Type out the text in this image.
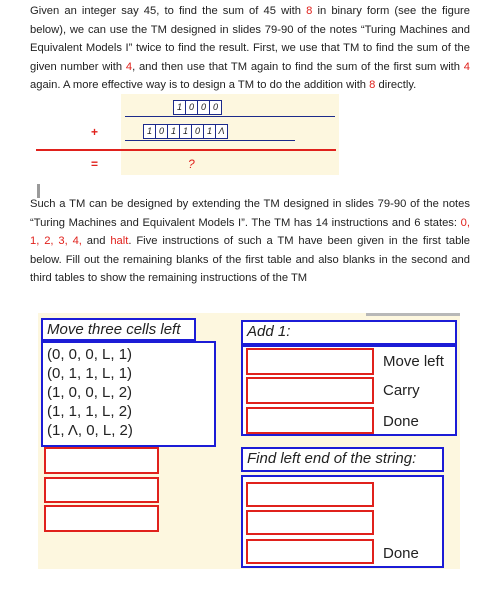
Given an integer say 45, to find the sum of 45 with 8 in binary form (see the figure below), we can use the TM designed in slides 79-90 of the notes “Turing Machines and Equivalent Models I” twice to find the result. First, we use that TM to find the sum of the given number with 4, and then use that TM again to find the sum of the first sum with 4 again. A more effective way is to design a TM to do the addition with 8 directly.
1 0 0 0
+	1 0 1 1 0 1 Λ
=	?
Such a TM can be designed by extending the TM designed in slides 79-90 of the notes “Turing Machines and Equivalent Models I”. The TM has 14 instructions and 6 states: 0, 1, 2, 3, 4, and halt. Five instructions of such a TM have been given in the first table below. Fill out the remaining blanks of the first table and also blanks in the second and third tables to show the remaining instructions of the TM
Move three cells left
(0, 0, 0, L, 1)
(0, 1, 1, L, 1)
(1, 0, 0, L, 2)
(1, 1, 1, L, 2)
(1, Λ, 0, L, 2)
Add 1:
Move left
Carry
Done
Find left end of the string:
Done
